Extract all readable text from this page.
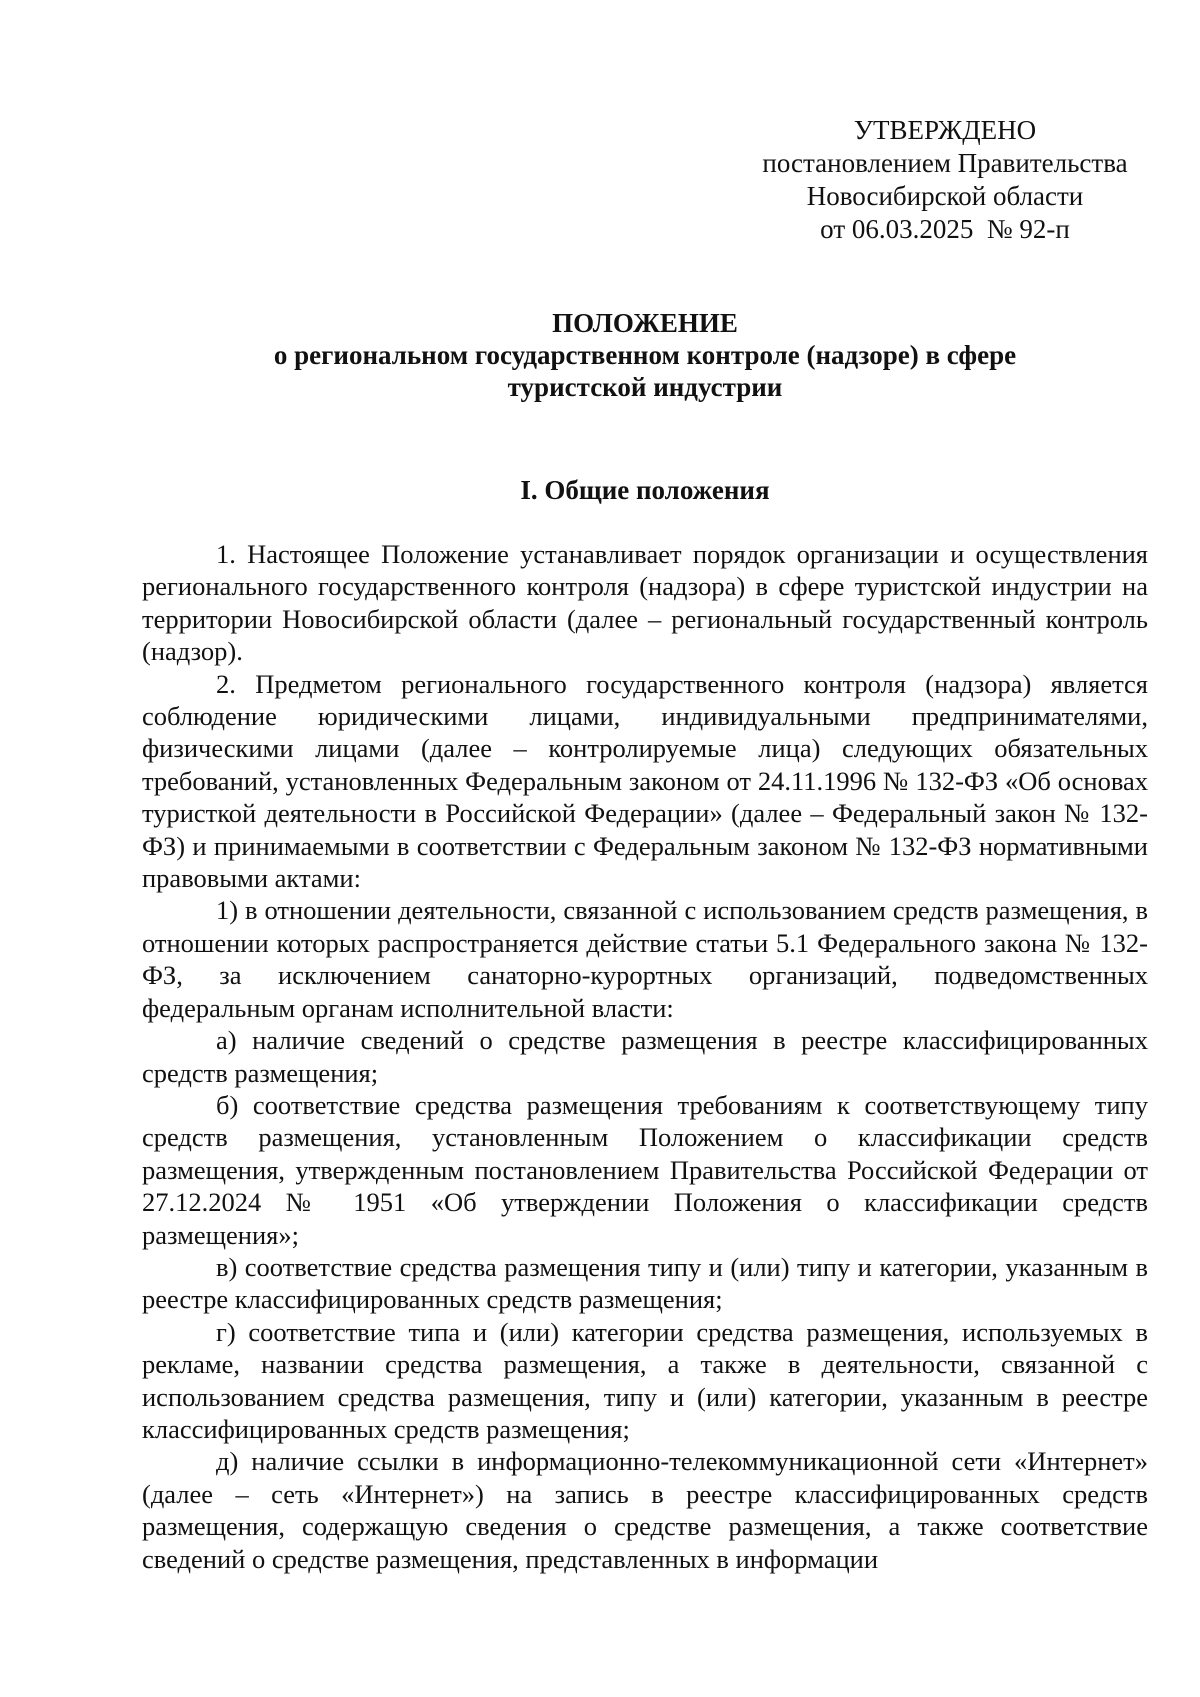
УТВЕРЖДЕНО
постановлением Правительства
Новосибирской области
от 06.03.2025  № 92-п
ПОЛОЖЕНИЕ
о региональном государственном контроле (надзоре) в сфере
туристской индустрии
I. Общие положения

1. Настоящее Положение устанавливает порядок организации и осуществления регионального государственного контроля (надзора) в сфере туристской индустрии на территории Новосибирской области (далее – региональный государственный контроль (надзор).

2. Предметом регионального государственного контроля (надзора) является соблюдение юридическими лицами, индивидуальными предпринимателями, физическими лицами (далее – контролируемые лица) следующих обязательных требований, установленных Федеральным законом от 24.11.1996 № 132-ФЗ «Об основах туристкой деятельности в Российской Федерации» (далее – Федеральный закон № 132-ФЗ) и принимаемыми в соответствии с Федеральным законом № 132-ФЗ нормативными правовыми актами:

1) в отношении деятельности, связанной с использованием средств размещения, в отношении которых распространяется действие статьи 5.1 Федерального закона № 132-ФЗ, за исключением санаторно-курортных организаций, подведомственных федеральным органам исполнительной власти:

а) наличие сведений о средстве размещения в реестре классифицированных средств размещения;

б) соответствие средства размещения требованиям к соответствующему типу средств размещения, установленным Положением о классификации средств размещения, утвержденным постановлением Правительства Российской Федерации от 27.12.2024 № 1951 «Об утверждении Положения о классификации средств размещения»;

в) соответствие средства размещения типу и (или) типу и категории, указанным в реестре классифицированных средств размещения;

г) соответствие типа и (или) категории средства размещения, используемых в рекламе, названии средства размещения, а также в деятельности, связанной с использованием средства размещения, типу и (или) категории, указанным в реестре классифицированных средств размещения;

д) наличие ссылки в информационно-телекоммуникационной сети «Интернет» (далее – сеть «Интернет») на запись в реестре классифицированных средств размещения, содержащую сведения о средстве размещения, а также соответствие сведений о средстве размещения, представленных в информации
